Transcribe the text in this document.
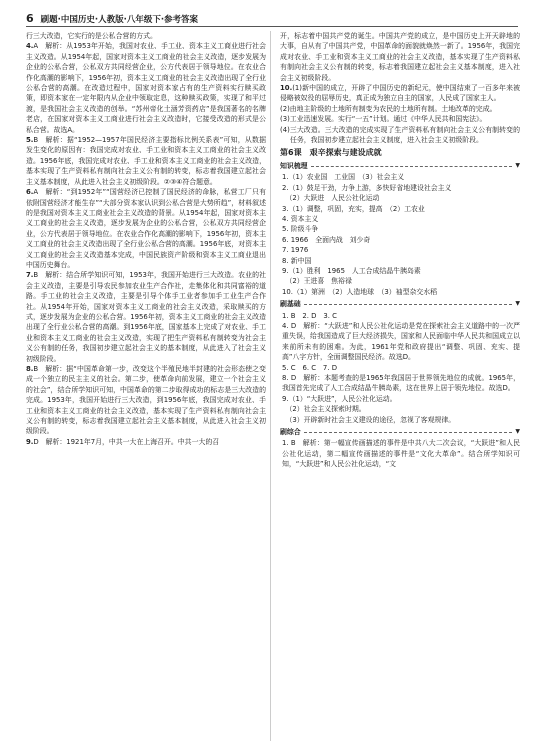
6 刷题·中国历史·人教版·八年级下·参考答案

行三大改造，它实行的是公私合营的方式。

4.A　解析：从1953年开始，我国对农业、手工业、资本主义工商业进行社会主义改造。从1954年起，国家对资本主义工商业的社会主义改造，逐步发展为企业的公私合营，公私双方共同经营企业，公方代表居于领导地位。在农业合作化高潮的影响下，1956年初，资本主义工商业的社会主义改造出现了全行业公私合营的高潮。在改造过程中，国家对资本家占有的生产资料实行赎买政策，即资本家在一定年限内从企业中领取定息，这种赎买政策，实现了和平过渡，是我国社会主义改造的创举。“苏州帝化土涵芳资药店”是我国著名的名牌老店，在国家对资本主义工商业进行社会主义改造时，它接受改造的形式是公私合营。故选A。

5.B　解析：据“1952—1957年国民经济主要指标比例关系表”可知，从数据发生变化的原因有：我国完成对农业、手工业和资本主义工商业的社会主义改造。1956年底，我国完成对农业、手工业和资本主义工商业的社会主义改造，基本实现了生产资料私有制向社会主义公有制的转变，标志着我国建立起社会主义基本制度，从此进入社会主义初级阶段。②③④符合题意。

6.A　解析：“到1952年”“国营经济已控制了国民经济的命脉，私营工厂只有依附国营经济才能生存”“大部分资本家认识到公私合营是大势所趋”，材料叙述的是我国对资本主义工商业社会主义改造的背景。从1954年起，国家对资本主义工商业的社会主义改造，逐步发展为企业的公私合营，公私双方共同经营企业，公方代表居于领导地位。在农业合作化高潮的影响下，1956年初，资本主义工商业的社会主义改造出现了全行业公私合营的高潮。1956年底，对资本主义工商业的社会主义改造基本完成，中国民族资产阶级和资本主义工商业退出中国历史舞台。

7.B　解析：结合所学知识可知，1953年，我国开始进行三大改造。农业的社会主义改造，主要是引导农民参加农业生产合作社，走集体化和共同富裕的道路。手工业的社会主义改造，主要是引导个体手工业者参加手工业生产合作社。从1954年开始，国家对资本主义工商业的社会主义改造，采取赎买的方式，逐步发展为企业的公私合营。1956年初，资本主义工商业的社会主义改造出现了全行业公私合营的高潮。到1956年底，国家基本上完成了对农业、手工业和资本主义工商业的社会主义改造，实现了把生产资料私有制转变为社会主义公有制的任务，我国初步建立起社会主义的基本制度，从此进入了社会主义初级阶段。

8.B　解析：据“中国革命第一步，改变这个半殖民地半封建的社会形态使之变成一个独立的民主主义的社会。第二步，使革命向前发展，建立一个社会主义的社会”，结合所学知识可知，中国革命的第二步取得成功的标志是三大改造的完成。1953年，我国开始进行三大改造，到1956年底，我国完成对农业、手工业和资本主义工商业的社会主义改造，基本实现了生产资料私有制向社会主义公有制的转变，标志着我国建立起社会主义基本制度，从此进入社会主义初级阶段。

9.D　解析：1921年7月，中共一大在上海召开。中共一大的召

开，标志着中国共产党的诞生。中国共产党的成立，是中国历史上开天辟地的大事，自从有了中国共产党，中国革命的面貌就焕然一新了。1956年，我国完成对农业、手工业和资本主义工商业的社会主义改造，基本实现了生产资料私有制向社会主义公有制的转变，标志着我国建立起社会主义基本制度，进入社会主义初级阶段。

10.(1)新中国的成立，开辟了中国历史的新纪元，使中国结束了一百多年来被侵略被奴役的屈辱历史，真正成为独立自主的国家，人民成了国家主人。

(2)由地主阶级的土地所有制变为农民的土地所有制。土地改革的完成。

(3)工业迅速发展。实行“一五”计划。通过《中华人民共和国宪法》。

(4)三大改造。三大改造的完成实现了生产资料私有制向社会主义公有制转变的任务，我国初步建立起社会主义制度，进入社会主义初级阶段。

第6课　艰辛探索与建设成就
知识梳理	▼

1.（1）农业国　工业国　（3）社会主义

2.（1）鼓足干劲，力争上游，多快好省地建设社会主义

　（2）大跃进　人民公社化运动

3.（1）调整，巩固，充实，提高　（2）工农业

4. 资本主义

5. 阶级斗争

6. 1966　全面内战　刘少奇

7. 1976

8. 新中国

9.（1）胜利　1965　人工合成结晶牛胰岛素

　（2）王进喜　焦裕禄

10.（1）第洲　（2）人造地球　（3）袖型杂交水稻

刷基础	▼

1. B　2. D　3. C

4. D　解析：“大跃进”和人民公社化运动是党在探索社会主义道路中的一次严重失误，给我国造成了巨大经济损失，国家和人民面临中华人民共和国成立以来前所未有的困难。为此，1961年党和政府提出“调整、巩固、充实、提高”八字方针，全面调整国民经济。故选D。

5. C　6. C　7. D

8. D　解析：本题考查的是1965年我国居于世界领先地位的成就。1965年，我国首先完成了人工合成结晶牛胰岛素，这在世界上居于领先地位。故选D。

9.（1）“大跃进”，人民公社化运动。

　（2）社会主义探索时期。

　（3）开辟新时社会主义建设的途径，忽视了客观规律。

刷综合	▼

1. B　解析：第一幅宣传画描述的事件是中共八大二次会议，“大跃进”和人民公社化运动，第二幅宣传画描述的事件是“文化大革命”。结合所学知识可知，“大跃进”和人民公社化运动，“文
